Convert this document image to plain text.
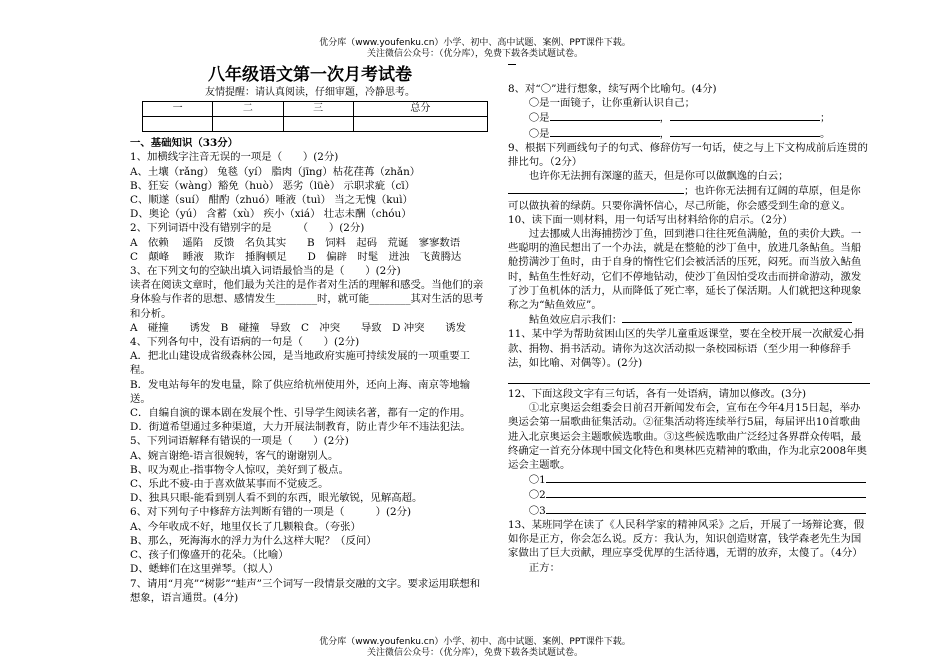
优分库（www.youfenku.cn）小学、初中、高中试题、案例、PPT课件下载。
关注微信公众号：（优分库），免费下载各类试题试卷。
八年级语文第一次月考试卷
友情提醒：请认真阅读，仔细审题，冷静思考。
一	二	三	总分

一、基础知识（33分）

1、加横线字注音无误的一项是（　　）(2分)

A、土壤（rǎng） 兔毯（yí） 脂肉（jīng）枯花荏苒（zhǎn）

B、狂妄（wàng）豁免（huò） 恶劣（lüè） 示职求疵（cī）

C、顺遂（suí） 酣酌（zhuó）唾液（tuì） 当之无愧（kuì）

D、奥论（yú） 含蓄（xù） 疾小（xiá） 壮志未酬（chóu）

2、下列词语中没有错别字的是　　　（　　）(2分)

A　依赖　 遥陷　反馈　名负其实　　B　饲料　起码　荒诞　寥寥数语

C　颠峰　 睡液　欺诈　捶胸顿足　　D　偏辟　时髦　迸浊　飞黄腾达

3、在下列文句的空缺出填入词语最恰当的是（　　）(2分)

读者在阅读文章时，他们最为关注的是作者对生活的理解和感受。当他们的亲身体验与作者的思想、感情发生________时，就可能________其对生活的思考和分析。

A　碰撞　　诱发　B　碰撞　导致　C　冲突　　导致　D 冲突　　诱发

4、下列各句中，没有语病的一句是（　　）(2分)

A．把北山建设成省级森林公园，是当地政府实施可持续发展的一项重要工程。

B．发电站每年的发电量，除了供应给杭州使用外，还向上海、南京等地输送。

C．自编自演的课本剧在发展个性、引导学生阅读名著，都有一定的作用。

D．街道希望通过多种渠道，大力开展法制教育，防止青少年不违法犯法。

5、下列词语解释有错误的一项是（　　）(2分)

A、婉言谢绝-语言很婉转，客气的谢谢别人。

B、叹为观止-指事物令人惊叹，美好到了极点。

C、乐此不疲-由于喜欢做某事而不觉疲乏。

D、独具只眼-能看到别人看不到的东西，眼光敏锐，见解高超。

6、对下列句子中修辞方法判断有错的一项是（　　　）(2分)

A、今年收成不好，地里仅长了几颗粮食。（夸张）

B、那么，死海海水的浮力为什么这样大呢？（反问）

C、孩子们像盛开的花朵。（比喻）

D、蟋蟀们在这里弹琴。（拟人）

7、请用“月亮”“树影”“蛙声”三个词写一段情景交融的文字。要求运用联想和想象，语言通贯。(4分)

8、对“〇”进行想象，续写两个比喻句。(4分)

〇是一面镜子，让你重新认识自己；

〇是	，	；

〇是	，	。

9、根据下列画线句子的句式、修辞仿写一句话，使之与上下文构成前后连贯的排比句。（2分）

也许你无法拥有深邃的蓝天，但是你可以做飘逸的白云；

；也许你无法拥有辽阔的草原，但是你可以做执着的绿荫。只要你满怀信心，尽己所能，你会感受到生命的意义。

10、读下面一则材料，用一句话写出材料给你的启示。（2分）

过去挪威人出海捕捞沙丁鱼，回到港口往往死鱼满舱，鱼的卖价大跌。一些聪明的渔民想出了一个办法，就是在整舱的沙丁鱼中，放进几条鲇鱼。当船舱捞满沙丁鱼时，由于自身的惰性它们会被活活的压死，闷死。而当放入鲇鱼时，鲇鱼生性好动，它们不停地钻动，使沙丁鱼因怕受攻击而拼命游动，激发了沙丁鱼机体的活力，从而降低了死亡率，延长了保活期。人们就把这种现象称之为“鲇鱼效应”。

鲇鱼效应启示我们：

11、某中学为帮助贫困山区的失学儿童重返课堂，要在全校开展一次献爱心捐款、捐物、捐书活动。请你为这次活动拟一条校园标语（至少用一种修辞手法，如比喻、对偶等）。(2分)

12、下面这段文字有三句话，各有一处语病，请加以修改。(3分)

①北京奥运会组委会日前召开新闻发布会，宣布在今年4月15日起，举办奥运会第一届歌曲征集活动。②征集活动将连续举行5届，每届评出10首歌曲进入北京奥运会主题歌候选歌曲。③这些候选歌曲广泛经过各界群众传唱，最终确定一首充分体现中国文化特色和奥林匹克精神的歌曲，作为北京2008年奥运会主题歌。

〇1

〇2

〇3

13、某班同学在读了《人民科学家的精神风采》之后，开展了一场辩论赛，假如你是正方，你会怎么说。反方：我认为，知识创造财富，钱学森老先生为国家做出了巨大贡献，理应享受优厚的生活待遇，无谓的放弃，太傻了。（4分）

正方：

优分库（www.youfenku.cn）小学、初中、高中试题、案例、PPT课件下载。
关注微信公众号：（优分库），免费下载各类试题试卷。
